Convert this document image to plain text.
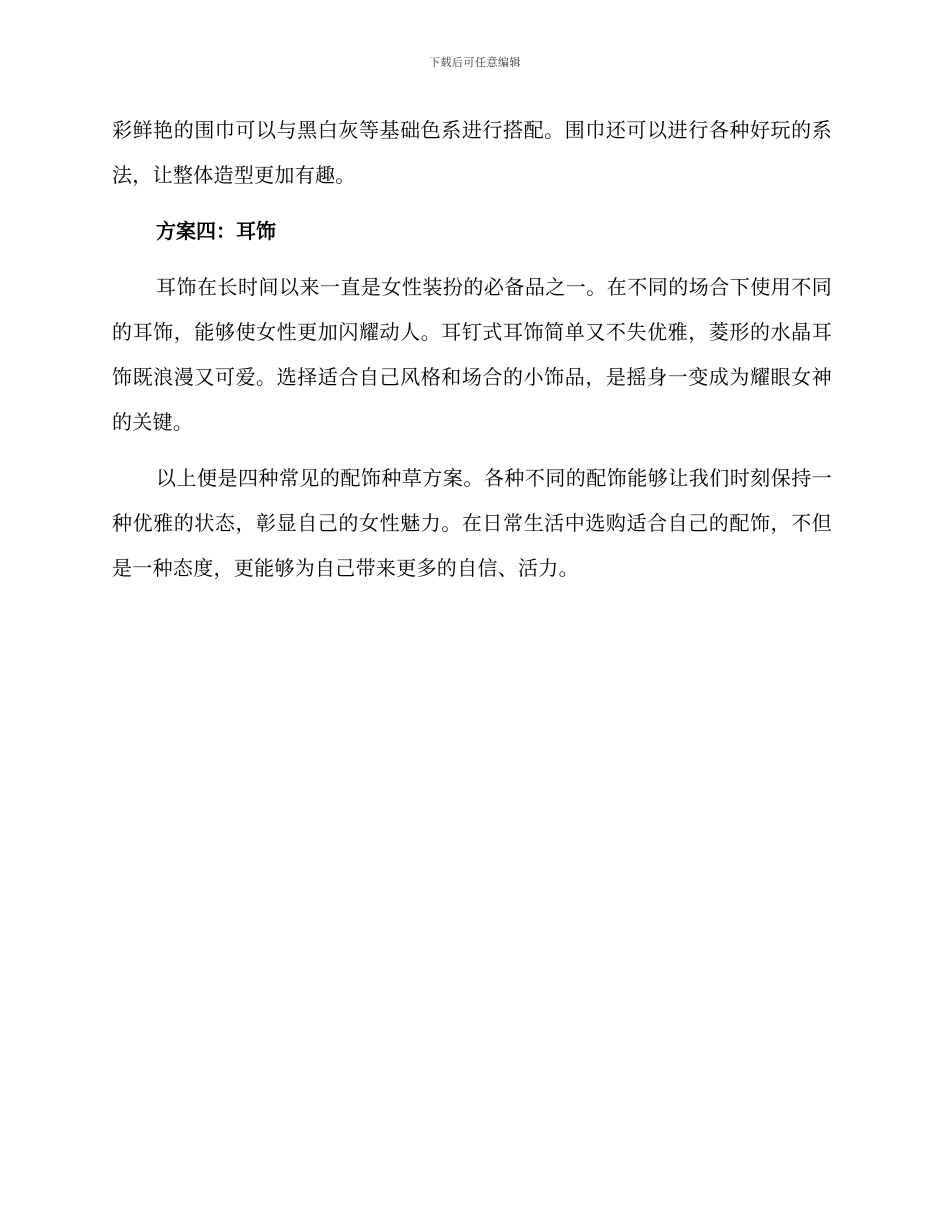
下载后可任意编辑

彩鲜艳的围巾可以与黑白灰等基础色系进行搭配。围巾还可以进行各种好玩的系法，让整体造型更加有趣。

方案四：耳饰

耳饰在长时间以来一直是女性装扮的必备品之一。在不同的场合下使用不同的耳饰，能够使女性更加闪耀动人。耳钉式耳饰简单又不失优雅，菱形的水晶耳饰既浪漫又可爱。选择适合自己风格和场合的小饰品，是摇身一变成为耀眼女神的关键。

以上便是四种常见的配饰种草方案。各种不同的配饰能够让我们时刻保持一种优雅的状态，彰显自己的女性魅力。在日常生活中选购适合自己的配饰，不但是一种态度，更能够为自己带来更多的自信、活力。
